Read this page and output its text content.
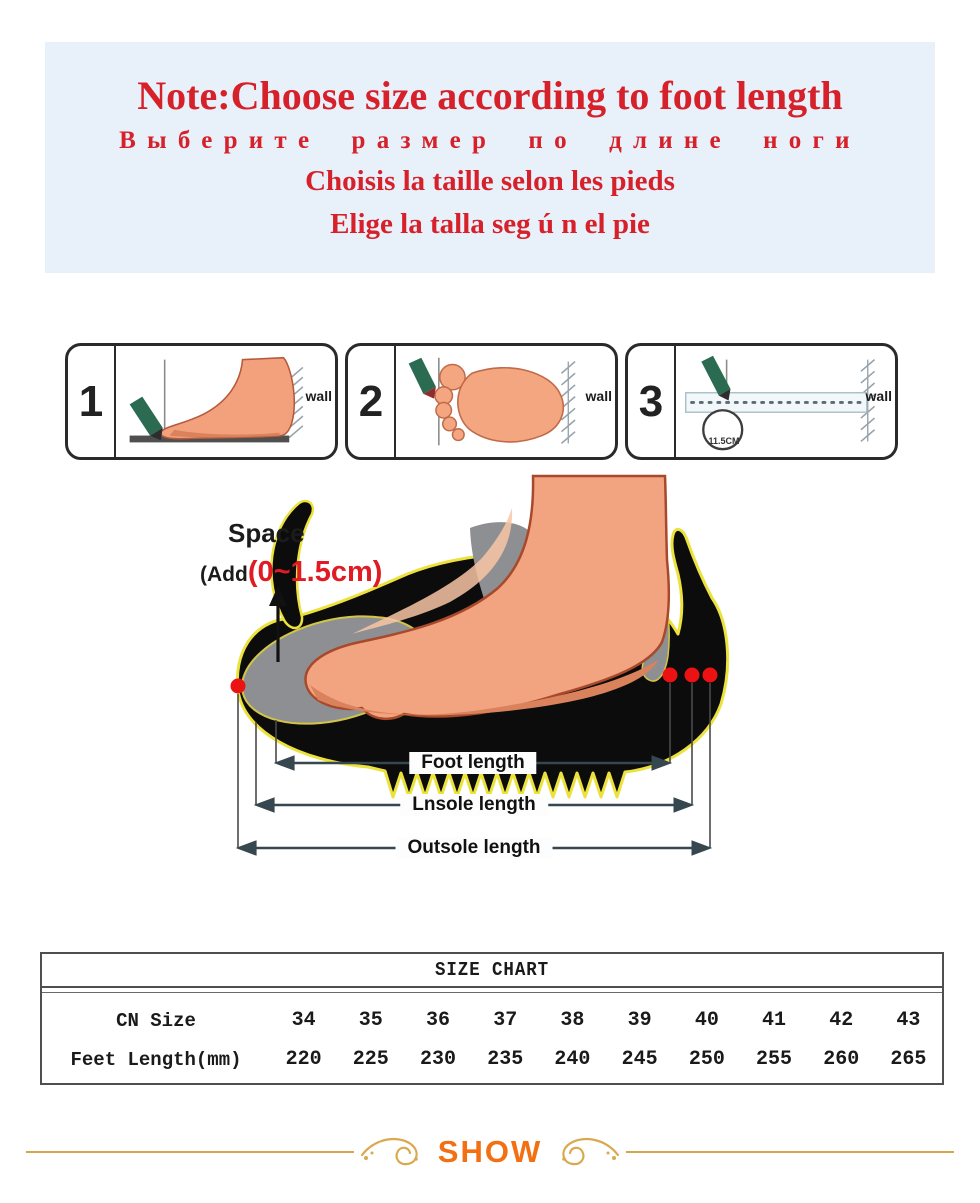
Note:Choose size according to foot length
Выберите размер по длине ноги
Choisis la taille selon les pieds
Elige la talla seg ú n el pie
1	wall 2	wall 3
11.5CM
wall
Space
(Add(0~1.5cm)
Foot length
Lnsole length
Outsole length
SIZE CHART
CN Size	34	35	36	37	38	39	40	41	42	43
Feet Length(mm)	220	225	230	235	240	245	250	255	260	265
SHOW
